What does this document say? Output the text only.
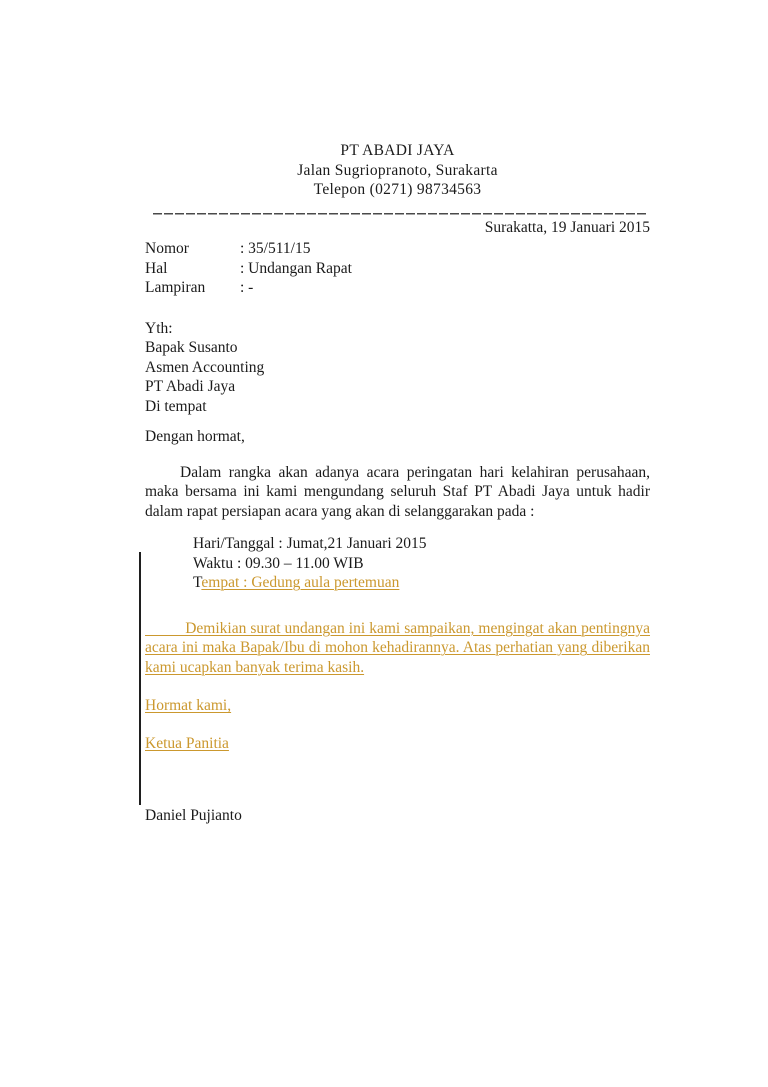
PT ABADI JAYA
Jalan Sugriopranoto, Surakarta
Telepon (0271) 98734563
Surakatta, 19 Januari 2015
Nomor	: 35/511/15
Hal	: Undangan Rapat
Lampiran	: -
Yth:
Bapak Susanto
Asmen Accounting
PT Abadi Jaya
Di tempat
Dengan hormat,
Dalam rangka akan adanya acara peringatan hari kelahiran perusahaan, maka bersama ini kami mengundang seluruh Staf PT Abadi Jaya untuk hadir dalam rapat persiapan acara yang akan di selanggarakan pada :
Hari/Tanggal : Jumat,21 Januari 2015
Waktu : 09.30 – 11.00 WIB
Tempat : Gedung aula pertemuan
Demikian surat undangan ini kami sampaikan, mengingat akan pentingnya acara ini maka Bapak/Ibu di mohon kehadirannya. Atas perhatian yang diberikan kami ucapkan banyak terima kasih.
Hormat kami,
Ketua Panitia
Daniel Pujianto
